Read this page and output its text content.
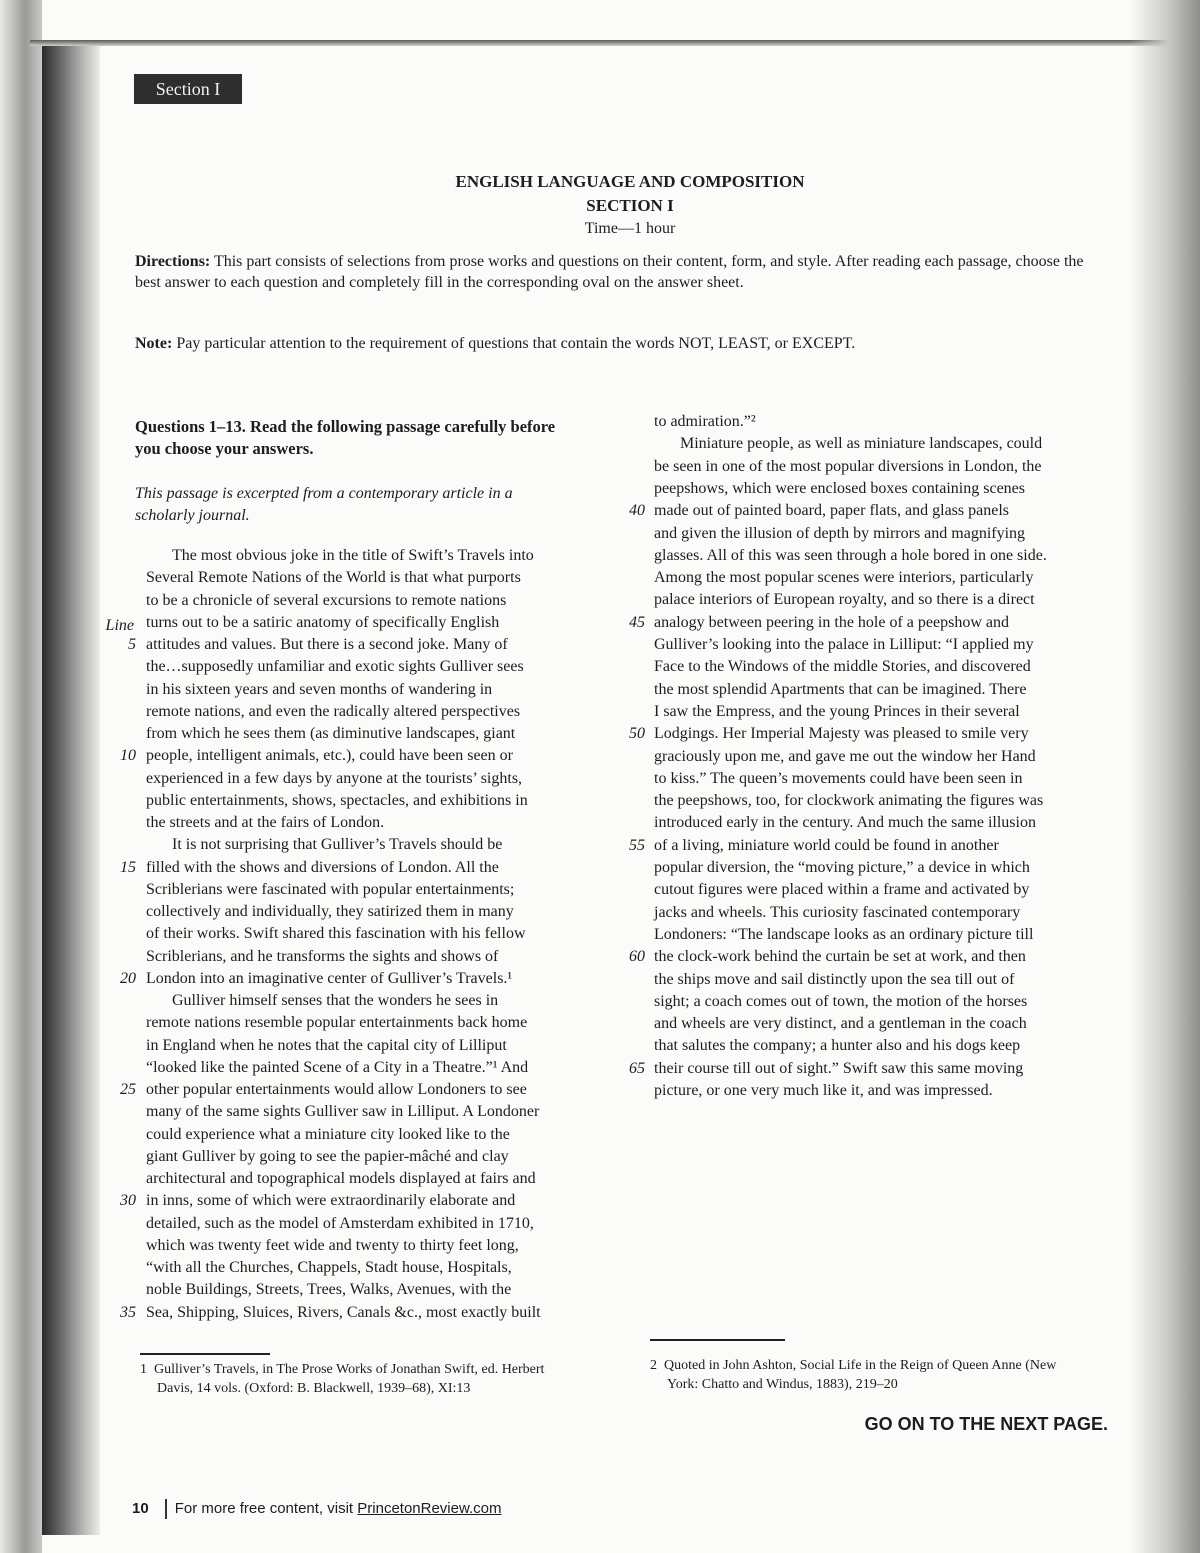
Section I
ENGLISH LANGUAGE AND COMPOSITION
SECTION I
Time—1 hour
Directions: This part consists of selections from prose works and questions on their content, form, and style. After reading each passage, choose the best answer to each question and completely fill in the corresponding oval on the answer sheet.
Note: Pay particular attention to the requirement of questions that contain the words NOT, LEAST, or EXCEPT.
Questions 1–13. Read the following passage carefully before
you choose your answers.
This passage is excerpted from a contemporary article in a
scholarly journal.
The most obvious joke in the title of Swift’s Travels into
Several Remote Nations of the World is that what purports
to be a chronicle of several excursions to remote nations
turns out to be a satiric anatomy of specifically English
attitudes and values. But there is a second joke. Many of
the…supposedly unfamiliar and exotic sights Gulliver sees
in his sixteen years and seven months of wandering in
remote nations, and even the radically altered perspectives
from which he sees them (as diminutive landscapes, giant
people, intelligent animals, etc.), could have been seen or
experienced in a few days by anyone at the tourists’ sights,
public entertainments, shows, spectacles, and exhibitions in
the streets and at the fairs of London.
It is not surprising that Gulliver’s Travels should be
filled with the shows and diversions of London. All the
Scriblerians were fascinated with popular entertainments;
collectively and individually, they satirized them in many
of their works. Swift shared this fascination with his fellow
Scriblerians, and he transforms the sights and shows of
London into an imaginative center of Gulliver’s Travels.¹
Gulliver himself senses that the wonders he sees in
remote nations resemble popular entertainments back home
in England when he notes that the capital city of Lilliput
“looked like the painted Scene of a City in a Theatre.”¹ And
other popular entertainments would allow Londoners to see
many of the same sights Gulliver saw in Lilliput. A Londoner
could experience what a miniature city looked like to the
giant Gulliver by going to see the papier-mâché and clay
architectural and topographical models displayed at fairs and
in inns, some of which were extraordinarily elaborate and
detailed, such as the model of Amsterdam exhibited in 1710,
which was twenty feet wide and twenty to thirty feet long,
“with all the Churches, Chappels, Stadt house, Hospitals,
noble Buildings, Streets, Trees, Walks, Avenues, with the
Sea, Shipping, Sluices, Rivers, Canals &c., most exactly built
Line
5
10
15
20
25
30
35
to admiration.”²
Miniature people, as well as miniature landscapes, could
be seen in one of the most popular diversions in London, the
peepshows, which were enclosed boxes containing scenes
made out of painted board, paper flats, and glass panels
and given the illusion of depth by mirrors and magnifying
glasses. All of this was seen through a hole bored in one side.
Among the most popular scenes were interiors, particularly
palace interiors of European royalty, and so there is a direct
analogy between peering in the hole of a peepshow and
Gulliver’s looking into the palace in Lilliput: “I applied my
Face to the Windows of the middle Stories, and discovered
the most splendid Apartments that can be imagined. There
I saw the Empress, and the young Princes in their several
Lodgings. Her Imperial Majesty was pleased to smile very
graciously upon me, and gave me out the window her Hand
to kiss.” The queen’s movements could have been seen in
the peepshows, too, for clockwork animating the figures was
introduced early in the century. And much the same illusion
of a living, miniature world could be found in another
popular diversion, the “moving picture,” a device in which
cutout figures were placed within a frame and activated by
jacks and wheels. This curiosity fascinated contemporary
Londoners: “The landscape looks as an ordinary picture till
the clock-work behind the curtain be set at work, and then
the ships move and sail distinctly upon the sea till out of
sight; a coach comes out of town, the motion of the horses
and wheels are very distinct, and a gentleman in the coach
that salutes the company; a hunter also and his dogs keep
their course till out of sight.” Swift saw this same moving
picture, or one very much like it, and was impressed.
40
45
50
55
60
65
1 Gulliver’s Travels, in The Prose Works of Jonathan Swift, ed. Herbert
Davis, 14 vols. (Oxford: B. Blackwell, 1939–68), XI:13
2 Quoted in John Ashton, Social Life in the Reign of Queen Anne (New
York: Chatto and Windus, 1883), 219–20
GO ON TO THE NEXT PAGE.
10 For more free content, visit PrincetonReview.com
